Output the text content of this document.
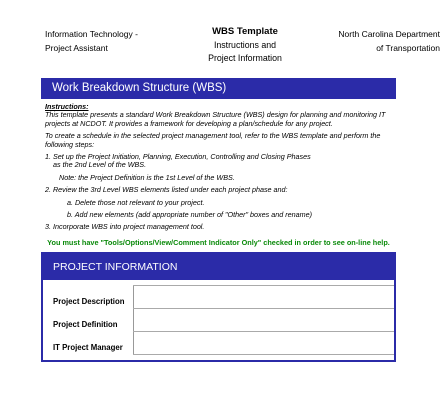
Information Technology -
Project Assistant
WBS Template
Instructions and
Project Information
North Carolina Department
of Transportation
Work Breakdown Structure (WBS)

Instructions:

This template presents a standard Work Breakdown Structure (WBS) design for planning and monitoring IT

projects at NCDOT. It provides a framework for developing a plan/schedule for any project.

To create a schedule in the selected project management tool, refer to the WBS template and perform the

following steps:

1. Set up the Project Initiation, Planning, Execution, Controlling and Closing Phases

as the 2nd Level of the WBS.

Note: the Project Definition is the 1st Level of the WBS.

2. Review the 3rd Level WBS elements listed under each project phase and:

a. Delete those not relevant to your project.

b. Add new elements (add appropriate number of "Other" boxes and rename)

3. Incorporate WBS into project management tool.

You must have "Tools/Options/View/Comment Indicator Only" checked in order to see on-line help.
PROJECT INFORMATION
Project Description	
Project Definition	
IT Project Manager	
